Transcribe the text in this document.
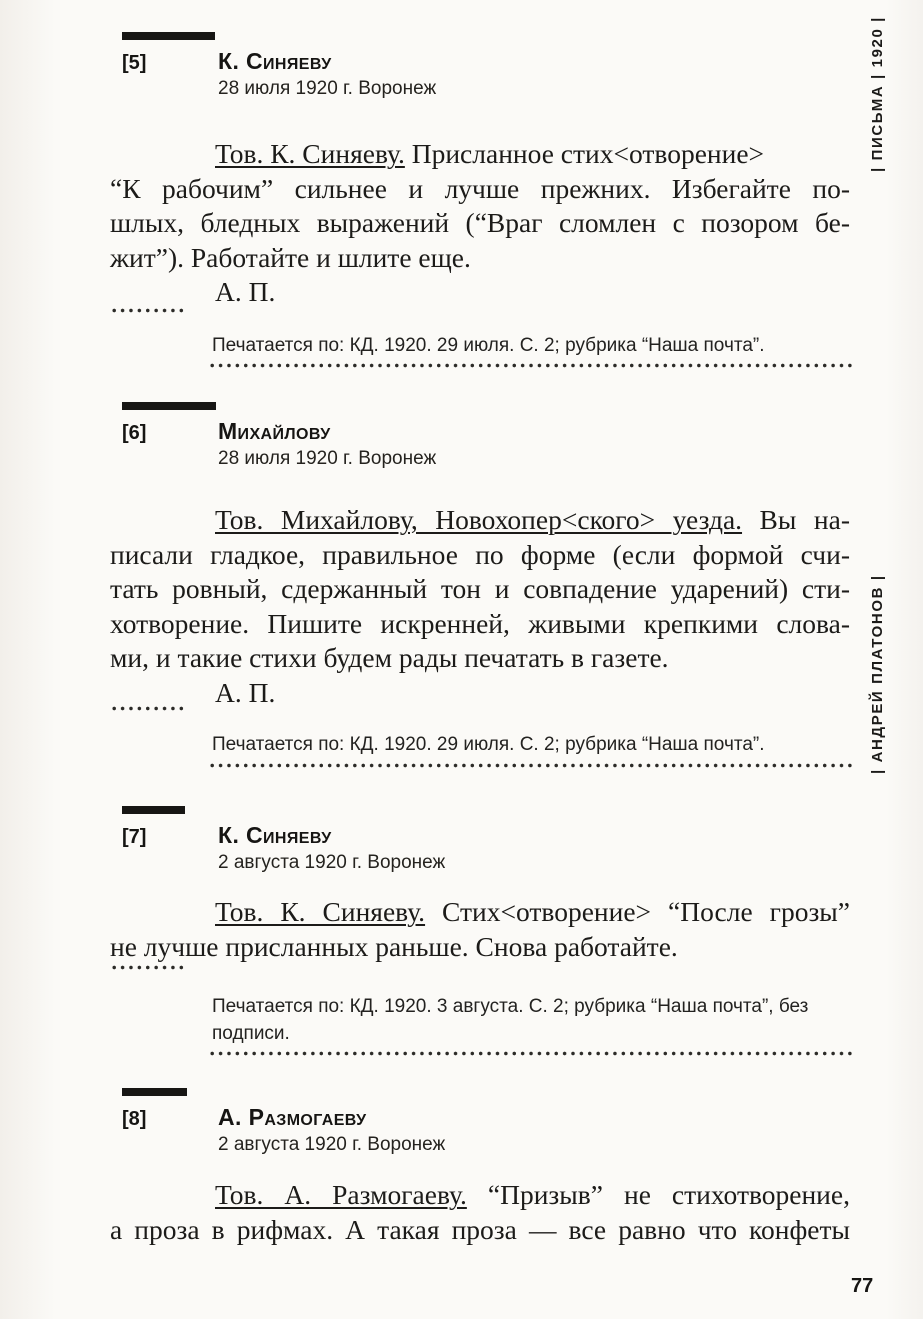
| ПИСЬМА | 1920 |
| АНДРЕЙ ПЛАТОНОВ |
[5]	К. Синяеву
28 июля 1920 г. Воронеж
Тов. К. Синяеву. Присланное стих<отворение>
“К рабочим” сильнее и лучше прежних. Избегайте по-
шлых, бледных выражений (“Враг сломлен с позором бе-
жит”). Работайте и шлите еще.
А. П.
Печатается по: КД. 1920. 29 июля. С. 2; рубрика “Наша почта”.
[6]	Михайлову
28 июля 1920 г. Воронеж
Тов. Михайлову, Новохопер<ского> уезда. Вы на-
писали гладкое, правильное по форме (если формой счи-
тать ровный, сдержанный тон и совпадение ударений) сти-
хотворение. Пишите искренней, живыми крепкими слова-
ми, и такие стихи будем рады печатать в газете.
А. П.
Печатается по: КД. 1920. 29 июля. С. 2; рубрика “Наша почта”.
[7]	К. Синяеву
2 августа 1920 г. Воронеж
Тов. К. Синяеву. Стих<отворение> “После грозы”
не лучше присланных раньше. Снова работайте.
Печатается по: КД. 1920. 3 августа. С. 2; рубрика “Наша почта”, без
подписи.
[8]	А. Размогаеву
2 августа 1920 г. Воронеж
Тов. А. Размогаеву. “Призыв” не стихотворение,
а проза в рифмах. А такая проза — все равно что конфеты
77
